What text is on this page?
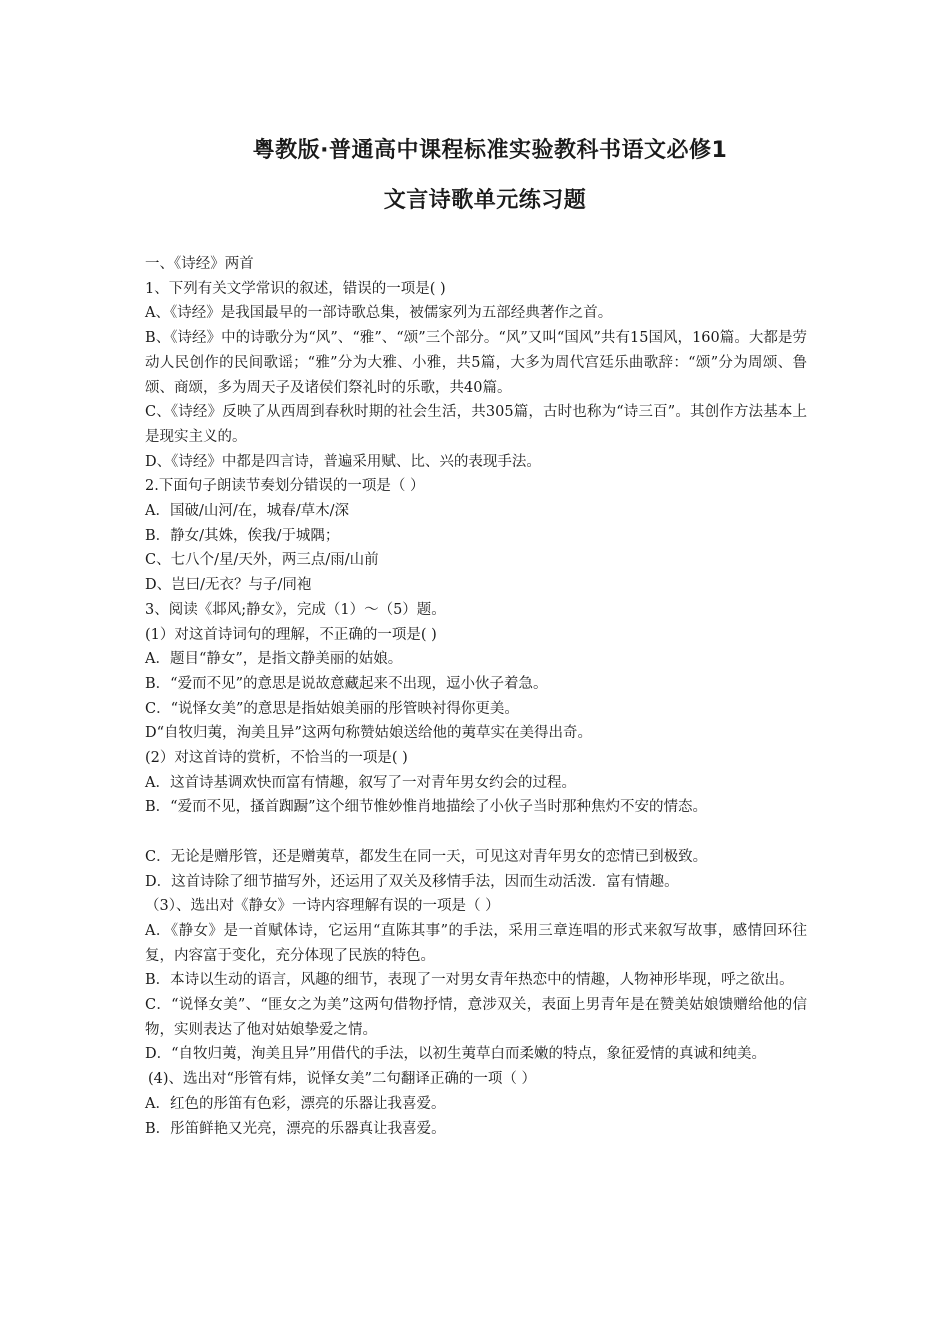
粤教版·普通高中课程标准实验教科书语文必修1
文言诗歌单元练习题

一、《诗经》两首

1、下列有关文学常识的叙述，错误的一项是( )

A、《诗经》是我国最早的一部诗歌总集，被儒家列为五部经典著作之首。

B、《诗经》中的诗歌分为“风”、“雅”、“颂”三个部分。“风”又叫“国风”共有15国风，160篇。大都是劳动人民创作的民间歌谣；“雅”分为大雅、小雅，共5篇，大多为周代宫廷乐曲歌辞：“颂”分为周颂、鲁颂、商颂，多为周天子及诸侯们祭礼时的乐歌，共40篇。

C、《诗经》反映了从西周到春秋时期的社会生活，共305篇，古时也称为“诗三百”。其创作方法基本上是现实主义的。

D、《诗经》中都是四言诗，普遍采用赋、比、兴的表现手法。

2.下面句子朗读节奏划分错误的一项是（ ）

A．国破/山河/在，城春/草木/深

B．静女/其姝，俟我/于城隅；

C、七八个/星/天外，两三点/雨/山前

D、岂曰/无衣？与子/同袍

3、阅读《邶风;静女》，完成（1）～（5）题。

(1）对这首诗词句的理解，不正确的一项是( )

A．题目“静女”，是指文静美丽的姑娘。

B．“爱而不见”的意思是说故意藏起来不出现，逗小伙子着急。

C．“说怿女美”的意思是指姑娘美丽的彤管映衬得你更美。

D“自牧归荑，洵美且异”这两句称赞姑娘送给他的荑草实在美得出奇。

(2）对这首诗的赏析，不恰当的一项是( )

A．这首诗基调欢快而富有情趣，叙写了一对青年男女约会的过程。

B．“爱而不见，搔首踟蹰”这个细节惟妙惟肖地描绘了小伙子当时那种焦灼不安的情态。

C．无论是赠彤管，还是赠荑草，都发生在同一天，可见这对青年男女的恋情已到极致。

D．这首诗除了细节描写外，还运用了双关及移情手法，因而生动活泼．富有情趣。

（3）、选出对《静女》一诗内容理解有误的一项是（ ）

A．《静女》是一首赋体诗，它运用“直陈其事”的手法，采用三章连唱的形式来叙写故事，感情回环往复，内容富于变化，充分体现了民族的特色。

B．本诗以生动的语言，风趣的细节，表现了一对男女青年热恋中的情趣，人物神形毕现，呼之欲出。

C．“说怿女美”、“匪女之为美”这两句借物抒情，意涉双关，表面上男青年是在赞美姑娘馈赠给他的信物，实则表达了他对姑娘挚爱之情。

D．“自牧归荑，洵美且异”用借代的手法，以初生荑草白而柔嫩的特点，象征爱情的真诚和纯美。

(4)、选出对“彤管有炜，说怿女美”二句翻译正确的一项（ ）

A．红色的彤笛有色彩，漂亮的乐器让我喜爱。

B．彤笛鲜艳又光亮，漂亮的乐器真让我喜爱。
